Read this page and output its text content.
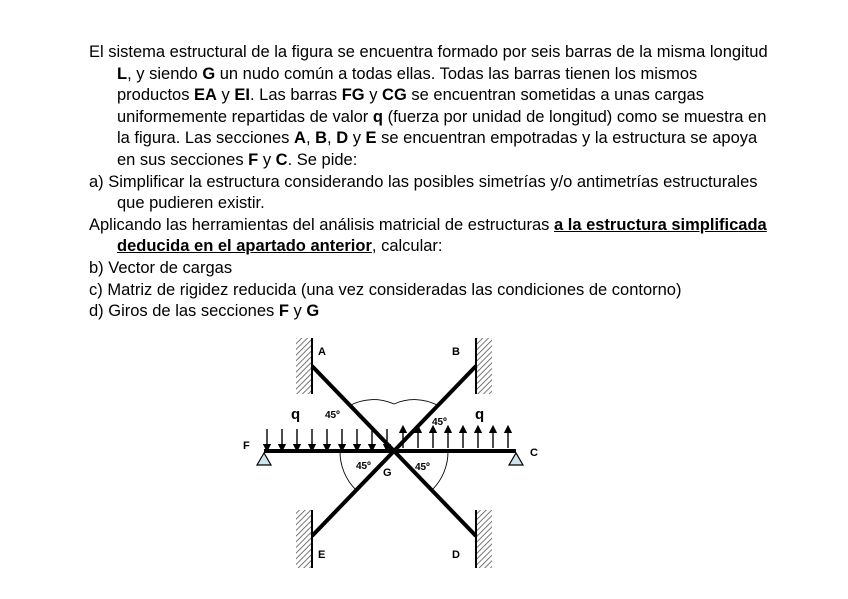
El sistema estructural de la figura se encuentra formado por seis barras de la misma longitud L, y siendo G un nudo común a todas ellas. Todas las barras tienen los mismos productos EA y EI. Las barras FG y CG se encuentran sometidas a unas cargas uniformemente repartidas de valor q (fuerza por unidad de longitud) como se muestra en la figura. Las secciones A, B, D y E se encuentran empotradas y la estructura se apoya en sus secciones F y C. Se pide:

a) Simplificar la estructura considerando las posibles simetrías y/o antimetrías estructurales que pudieren existir.

Aplicando las herramientas del análisis matricial de estructuras a la estructura simplificada deducida en el apartado anterior, calcular:

b) Vector de cargas

c) Matriz de rigidez reducida (una vez consideradas las condiciones de contorno)

d) Giros de las secciones F y G

A	B
C
D
E
F
G
q	q
45º
45º
45º	45º
